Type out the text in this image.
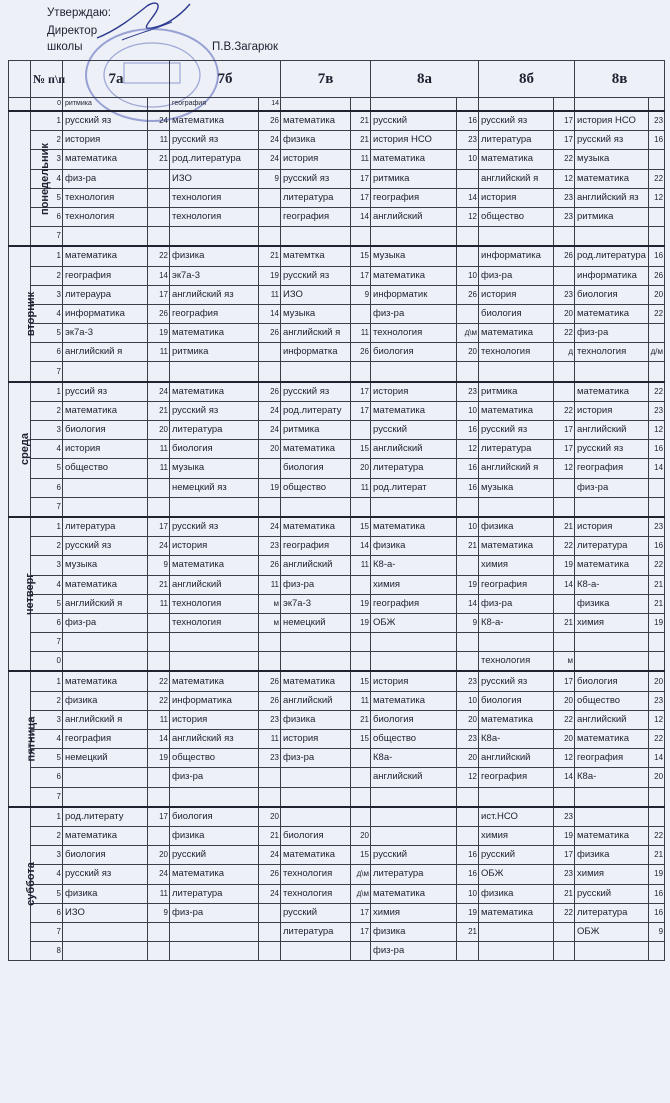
Утверждаю:
Директор
школы	П.В.Загарюк
	№ п\п	7а		7б		7в		8а		8б		8в	
	0	ритмика		география	14								
понедельник	1	русский яз	24	математика	26	математика	21	русский	16	русский яз	17	история НСО	23
	2	история	11	русский яз	24	физика	21	история НСО	23	литература	17	русский яз	16
	3	математика	21	род.литература	24	история	11	математика	10	математика	22	музыка	
	4	физ-ра		ИЗО	9	русский яз	17	ритмика		английский я	12	математика	22
	5	технология		технология		литература	17	география	14	история	23	английский яз	12
	6	технология		технология		география	14	английский	12	общество	23	ритмика	
	7												
вторник	1	математика	22	физика	21	матемтка	15	музыка		информатика	26	род.литература	16
	2	география	14	эк7а-3	19	русский яз	17	математика	10	физ-ра		информатика	26
	3	литераура	17	английский яз	11	ИЗО	9	информатик	26	история	23	биология	20
	4	информатика	26	география	14	музыка		физ-ра		биология	20	математика	22
	5	эк7а-3	19	математика	26	английский я	11	технология	д\м	математика	22	физ-ра	
	6	английский я	11	ритмика		информатка	26	биология	20	технология	д	технология	д/м
	7												
среда	1	руссий яз	24	математика	26	русский яз	17	история	23	ритмика		математика	22
	2	математика	21	русский яз	24	род.литерату	17	математика	10	математика	22	история	23
	3	биология	20	литература	24	ритмика		русский	16	русский яз	17	английский	12
	4	история	11	биология	20	математика	15	английский	12	литература	17	русский яз	16
	5	общество	11	музыка		биология	20	литература	16	английский я	12	география	14
	6			немецкий яз	19	общество	11	род.литерат	16	музыка		физ-ра	
	7												
четверг	1	литература	17	русский яз	24	математика	15	математика	10	физика	21	история	23
	2	русский яз	24	история	23	география	14	физика	21	математика	22	литература	16
	3	музыка	9	математика	26	английский	11	К8-а-		химия	19	математика	22
	4	математика	21	английский	11	физ-ра		химия	19	география	14	К8-а-	21
	5	английский я	11	технология	м	эк7а-3	19	география	14	физ-ра		физика	21
	6	физ-ра		технология	м	немецкий	19	ОБЖ	9	К8-а-	21	химия	19
	7												
	0									технология	м		
пятница	1	математика	22	математика	26	математика	15	история	23	русский яз	17	биология	20
	2	физика	22	информатика	26	английский	11	математика	10	биология	20	общество	23
	3	английский я	11	история	23	физика	21	биология	20	математика	22	английский	12
	4	география	14	английский яз	11	история	15	общество	23	К8а-	20	математика	22
	5	немецкий	19	общество	23	физ-ра		К8а-	20	английский	12	география	14
	6			физ-ра				английский	12	география	14	К8а-	20
	7												
суббота	1	род.литерату	17	биология	20					ист.НСО	23		
	2	математика		физика	21	биология	20			химия	19	математика	22
	3	биология	20	русский	24	математика	15	русский	16	русский	17	физика	21
	4	русский яз	24	математика	26	технология	д\м	литература	16	ОБЖ	23	химия	19
	5	физика	11	литература	24	технология	д\м	математика	10	физика	21	русский	16
	6	ИЗО	9	физ-ра		русский	17	химия	19	математика	22	литература	16
	7					литература	17	физика	21			ОБЖ	9
	8							физ-ра					
